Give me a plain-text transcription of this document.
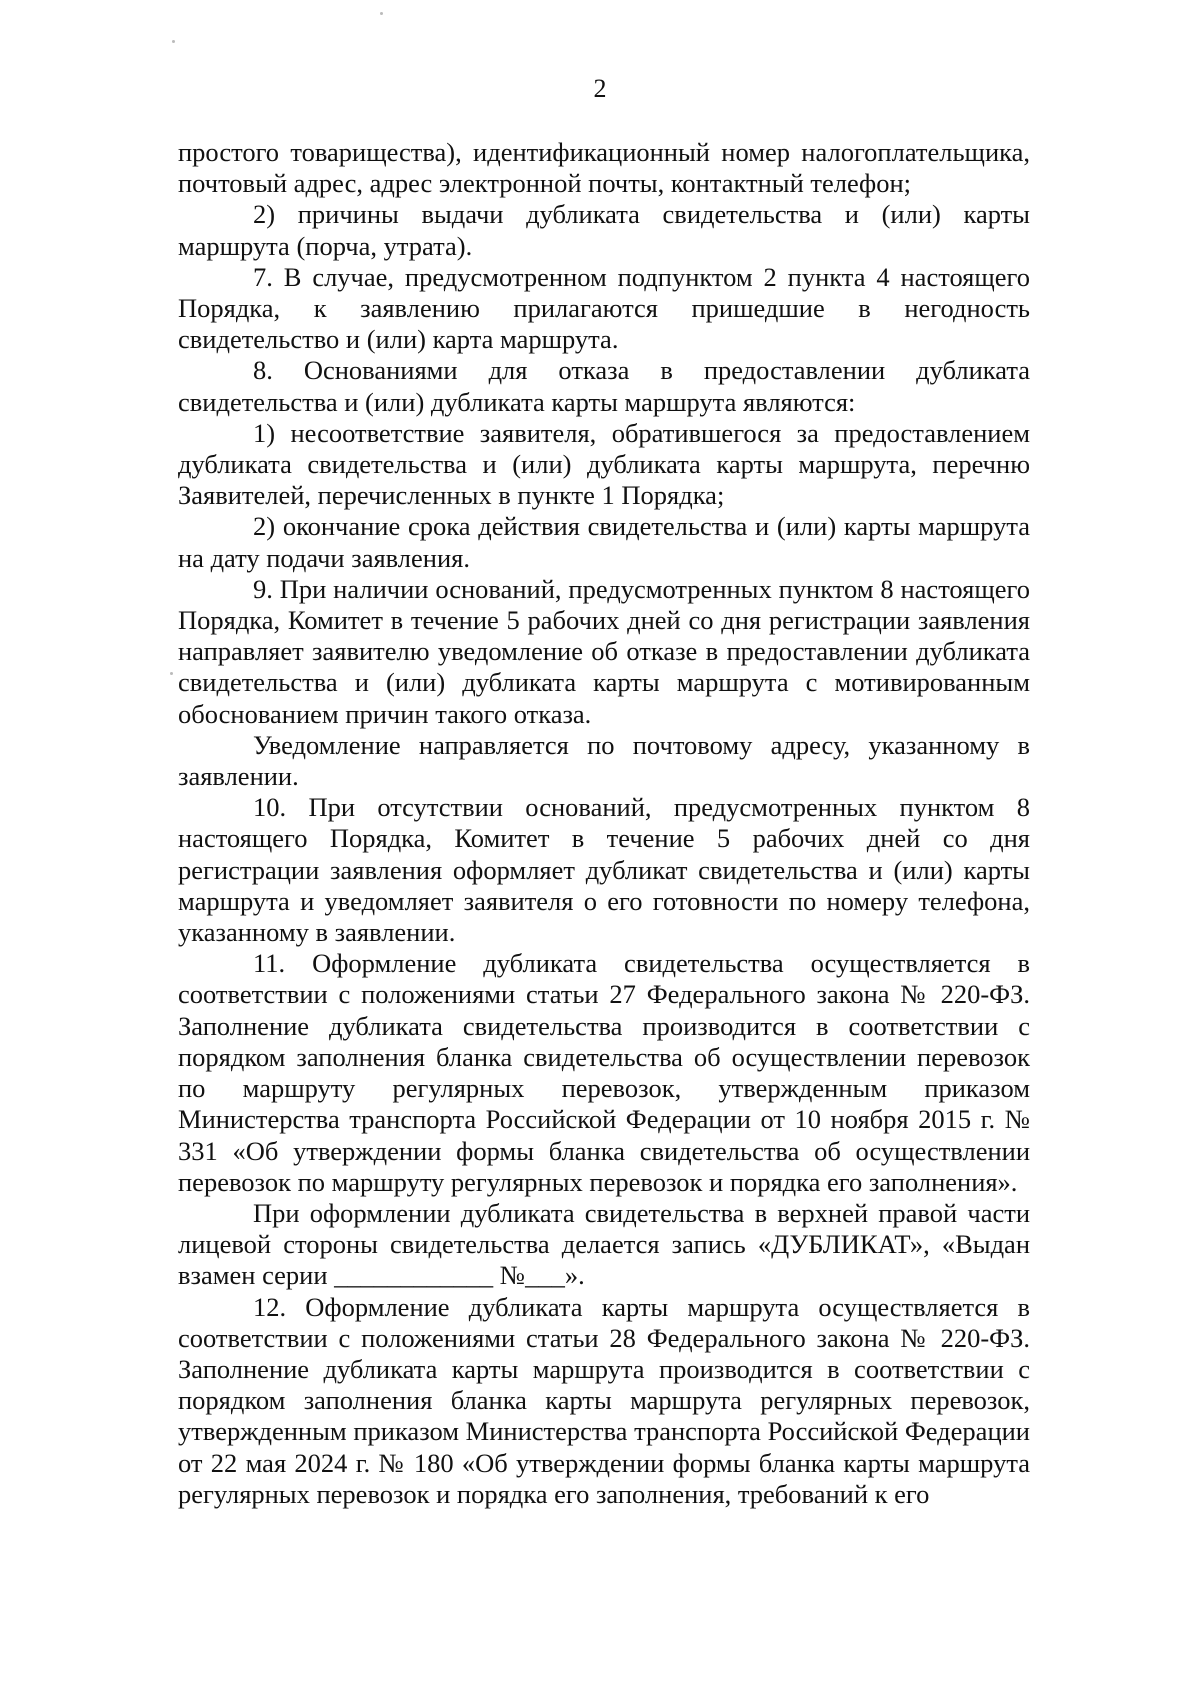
2

простого товарищества), идентификационный номер налогоплательщика, почтовый адрес, адрес электронной почты, контактный телефон;

2) причины выдачи дубликата свидетельства и (или) карты маршрута (порча, утрата).

7. В случае, предусмотренном подпунктом 2 пункта 4 настоящего Порядка, к заявлению прилагаются пришедшие в негодность свидетельство и (или) карта маршрута.

8. Основаниями для отказа в предоставлении дубликата свидетельства и (или) дубликата карты маршрута являются:

1) несоответствие заявителя, обратившегося за предоставлением дубликата свидетельства и (или) дубликата карты маршрута, перечню Заявителей, перечисленных в пункте 1 Порядка;

2) окончание срока действия свидетельства и (или) карты маршрута на дату подачи заявления.

9. При наличии оснований, предусмотренных пунктом 8 настоящего Порядка, Комитет в течение 5 рабочих дней со дня регистрации заявления направляет заявителю уведомление об отказе в предоставлении дубликата свидетельства и (или) дубликата карты маршрута с мотивированным обоснованием причин такого отказа.

Уведомление направляется по почтовому адресу, указанному в заявлении.

10. При отсутствии оснований, предусмотренных пунктом 8 настоящего Порядка, Комитет в течение 5 рабочих дней со дня регистрации заявления оформляет дубликат свидетельства и (или) карты маршрута и уведомляет заявителя о его готовности по номеру телефона, указанному в заявлении.

11. Оформление дубликата свидетельства осуществляется в соответствии с положениями статьи 27 Федерального закона № 220-ФЗ. Заполнение дубликата свидетельства производится в соответствии с порядком заполнения бланка свидетельства об осуществлении перевозок по маршруту регулярных перевозок, утвержденным приказом Министерства транспорта Российской Федерации от 10 ноября 2015 г. № 331 «Об утверждении формы бланка свидетельства об осуществлении перевозок по маршруту регулярных перевозок и порядка его заполнения».

При оформлении дубликата свидетельства в верхней правой части лицевой стороны свидетельства делается запись «ДУБЛИКАТ», «Выдан взамен серии ____________ №___».

12. Оформление дубликата карты маршрута осуществляется в соответствии с положениями статьи 28 Федерального закона № 220-ФЗ. Заполнение дубликата карты маршрута производится в соответствии с порядком заполнения бланка карты маршрута регулярных перевозок, утвержденным приказом Министерства транспорта Российской Федерации от 22 мая 2024 г. № 180 «Об утверждении формы бланка карты маршрута регулярных перевозок и порядка его заполнения, требований к его
